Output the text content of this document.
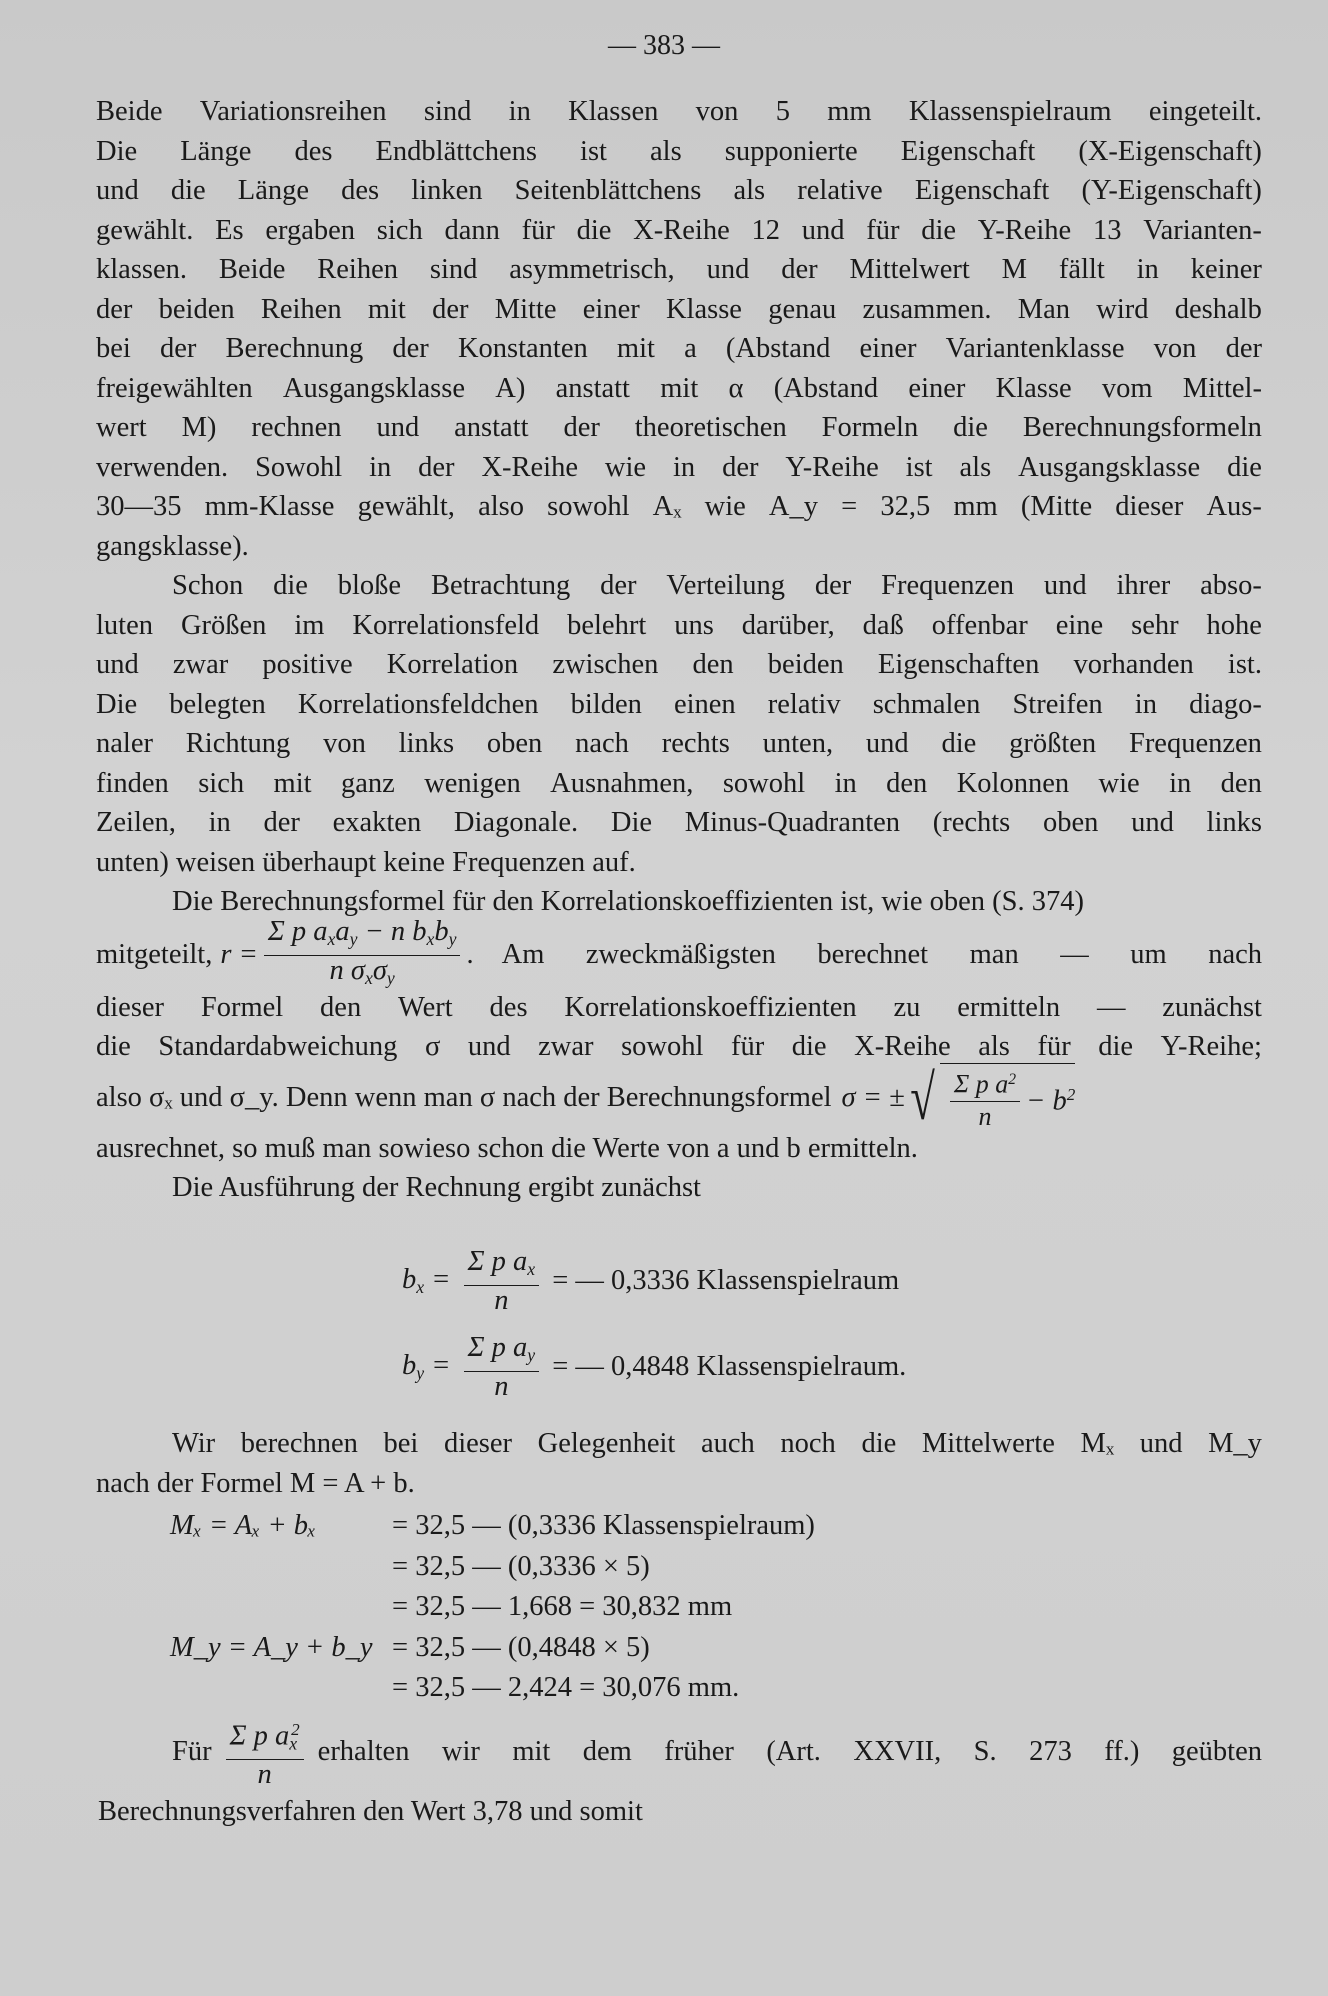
— 383 —
Beide Variationsreihen sind in Klassen von 5 mm Klassenspielraum eingeteilt.
Die Länge des Endblättchens ist als supponierte Eigenschaft (X-Eigenschaft)
und die Länge des linken Seitenblättchens als relative Eigenschaft (Y-Eigenschaft)
gewählt. Es ergaben sich dann für die X-Reihe 12 und für die Y-Reihe 13 Varianten-
klassen. Beide Reihen sind asymmetrisch, und der Mittelwert M fällt in keiner
der beiden Reihen mit der Mitte einer Klasse genau zusammen. Man wird deshalb
bei der Berechnung der Konstanten mit a (Abstand einer Variantenklasse von der
freigewählten Ausgangsklasse A) anstatt mit α (Abstand einer Klasse vom Mittel-
wert M) rechnen und anstatt der theoretischen Formeln die Berechnungsformeln
verwenden. Sowohl in der X-Reihe wie in der Y-Reihe ist als Ausgangsklasse die
30—35 mm-Klasse gewählt, also sowohl Aₓ wie A_y = 32,5 mm (Mitte dieser Aus-
gangsklasse).
Schon die bloße Betrachtung der Verteilung der Frequenzen und ihrer abso-
luten Größen im Korrelationsfeld belehrt uns darüber, daß offenbar eine sehr hohe
und zwar positive Korrelation zwischen den beiden Eigenschaften vorhanden ist.
Die belegten Korrelationsfeldchen bilden einen relativ schmalen Streifen in diago-
naler Richtung von links oben nach rechts unten, und die größten Frequenzen
finden sich mit ganz wenigen Ausnahmen, sowohl in den Kolonnen wie in den
Zeilen, in der exakten Diagonale. Die Minus-Quadranten (rechts oben und links
unten) weisen überhaupt keine Frequenzen auf.
Die Berechnungsformel für den Korrelationskoeffizienten ist, wie oben (S. 374)
mitgeteilt, $r = \frac{\Sigma p a_xa_y - n b_xb_y}{n \sigma_x\sigma_y}$ . Am zweckmäßigsten berechnet man — um nach
dieser Formel den Wert des Korrelationskoeffizienten zu ermitteln — zunächst
die Standardabweichung σ und zwar sowohl für die X-Reihe als für die Y-Reihe;
also σₓ und σ_y. Denn wenn man σ nach der Berechnungsformel σ = ± √ $\frac{\Sigma p a^2}{n} - b^2$
ausrechnet, so muß man sowieso schon die Werte von a und b ermitteln.
Die Ausführung der Rechnung ergibt zunächst
$b_x = \frac{\Sigma p a_x}{n}$ = — 0,3336 Klassenspielraum
$b_y = \frac{\Sigma p a_y}{n}$ = — 0,4848 Klassenspielraum.
Wir berechnen bei dieser Gelegenheit auch noch die Mittelwerte Mₓ und M_y
nach der Formel M = A + b.
Mₓ = Aₓ + bₓ	= 32,5 — (0,3336 Klassenspielraum)
= 32,5 — (0,3336 × 5)
= 32,5 — 1,668 = 30,832 mm
M_y = A_y + b_y = 32,5 — (0,4848 × 5)
= 32,5 — 2,424 = 30,076 mm.
Für $\frac{\Sigma p a_x^2}{n}$ erhalten wir mit dem früher (Art. XXVII, S. 273 ff.) geübten
Berechnungsverfahren den Wert 3,78 und somit
